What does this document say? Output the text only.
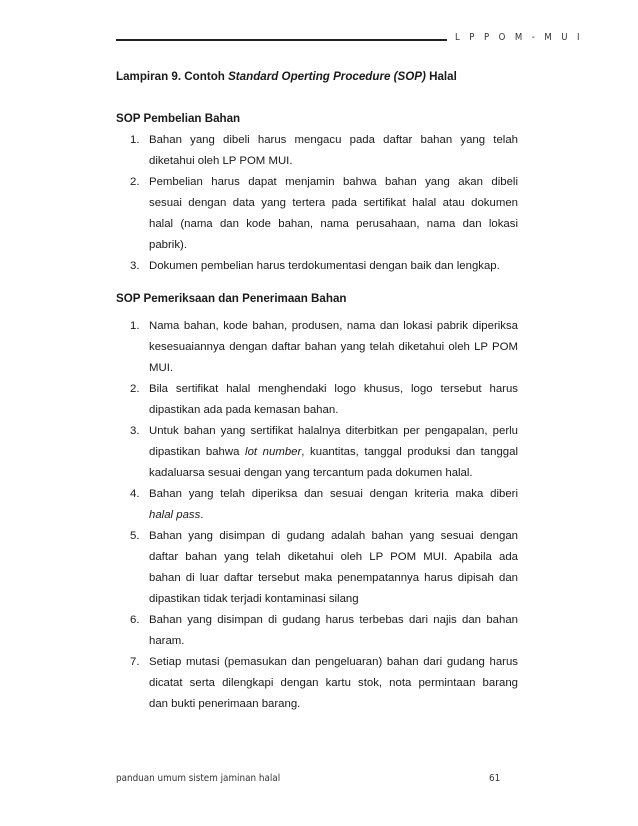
L P P O M - M U I
Lampiran 9. Contoh Standard Operting Procedure (SOP) Halal
SOP Pembelian Bahan
1. Bahan yang dibeli harus mengacu pada daftar bahan yang telah
diketahui oleh LP POM MUI.
2. Pembelian harus dapat menjamin bahwa bahan yang akan dibeli
sesuai dengan data yang tertera pada sertifikat halal atau dokumen
halal (nama dan kode bahan, nama perusahaan, nama dan lokasi
pabrik).
3. Dokumen pembelian harus terdokumentasi dengan baik dan lengkap.
SOP Pemeriksaan dan Penerimaan Bahan
1. Nama bahan, kode bahan, produsen, nama dan lokasi pabrik diperiksa
kesesuaiannya dengan daftar bahan yang telah diketahui oleh LP POM
MUI.
2. Bila sertifikat halal menghendaki logo khusus, logo tersebut harus
dipastikan ada pada kemasan bahan.
3. Untuk bahan yang sertifikat halalnya diterbitkan per pengapalan, perlu
dipastikan bahwa lot number, kuantitas, tanggal produksi dan tanggal
kadaluarsa sesuai dengan yang tercantum pada dokumen halal.
4. Bahan yang telah diperiksa dan sesuai dengan kriteria maka diberi
halal pass.
5. Bahan yang disimpan di gudang adalah bahan yang sesuai dengan
daftar bahan yang telah diketahui oleh LP POM MUI. Apabila ada
bahan di luar daftar tersebut maka penempatannya harus dipisah dan
dipastikan tidak terjadi kontaminasi silang
6. Bahan yang disimpan di gudang harus terbebas dari najis dan bahan
haram.
7. Setiap mutasi (pemasukan dan pengeluaran) bahan dari gudang harus
dicatat serta dilengkapi dengan kartu stok, nota permintaan barang
dan bukti penerimaan barang.
panduan umum sistem jaminan halal	61
